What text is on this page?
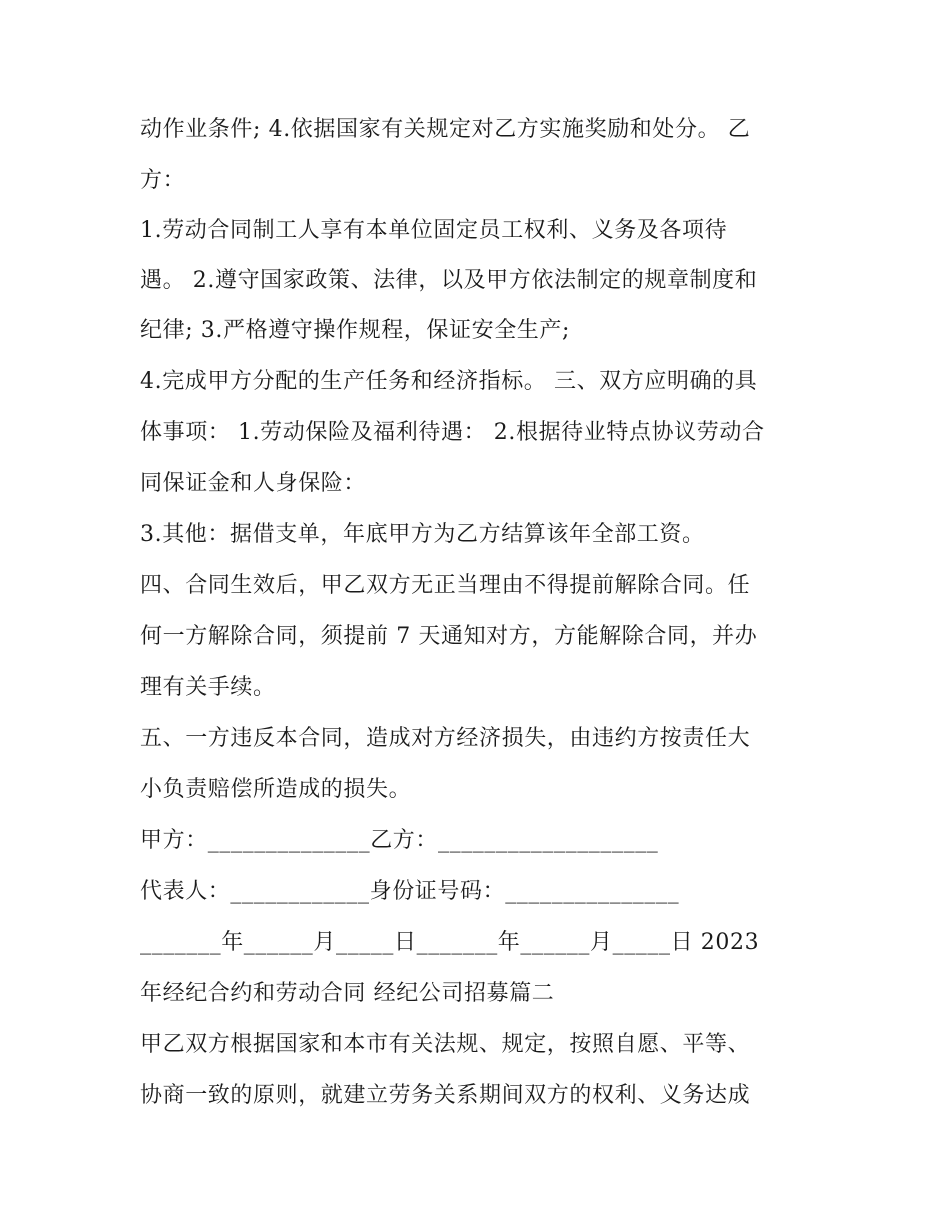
动作业条件; 4.依据国家有关规定对乙方实施奖励和处分。 乙
方：
1.劳动合同制工人享有本单位固定员工权利、义务及各项待
遇。 2.遵守国家政策、法律，以及甲方依法制定的规章制度和
纪律; 3.严格遵守操作规程，保证安全生产;
4.完成甲方分配的生产任务和经济指标。 三、双方应明确的具
体事项： 1.劳动保险及福利待遇： 2.根据待业特点协议劳动合
同保证金和人身保险：
3.其他：据借支单，年底甲方为乙方结算该年全部工资。
四、合同生效后，甲乙双方无正当理由不得提前解除合同。任
何一方解除合同，须提前 7 天通知对方，方能解除合同，并办
理有关手续。
五、一方违反本合同，造成对方经济损失，由违约方按责任大
小负责赔偿所造成的损失。
甲方：______________乙方：___________________
代表人：____________身份证号码：_______________
_______年______月_____日_______年______月_____日 2023
年经纪合约和劳动合同 经纪公司招募篇二
甲乙双方根据国家和本市有关法规、规定，按照自愿、平等、
协商一致的原则，就建立劳务关系期间双方的权利、义务达成
